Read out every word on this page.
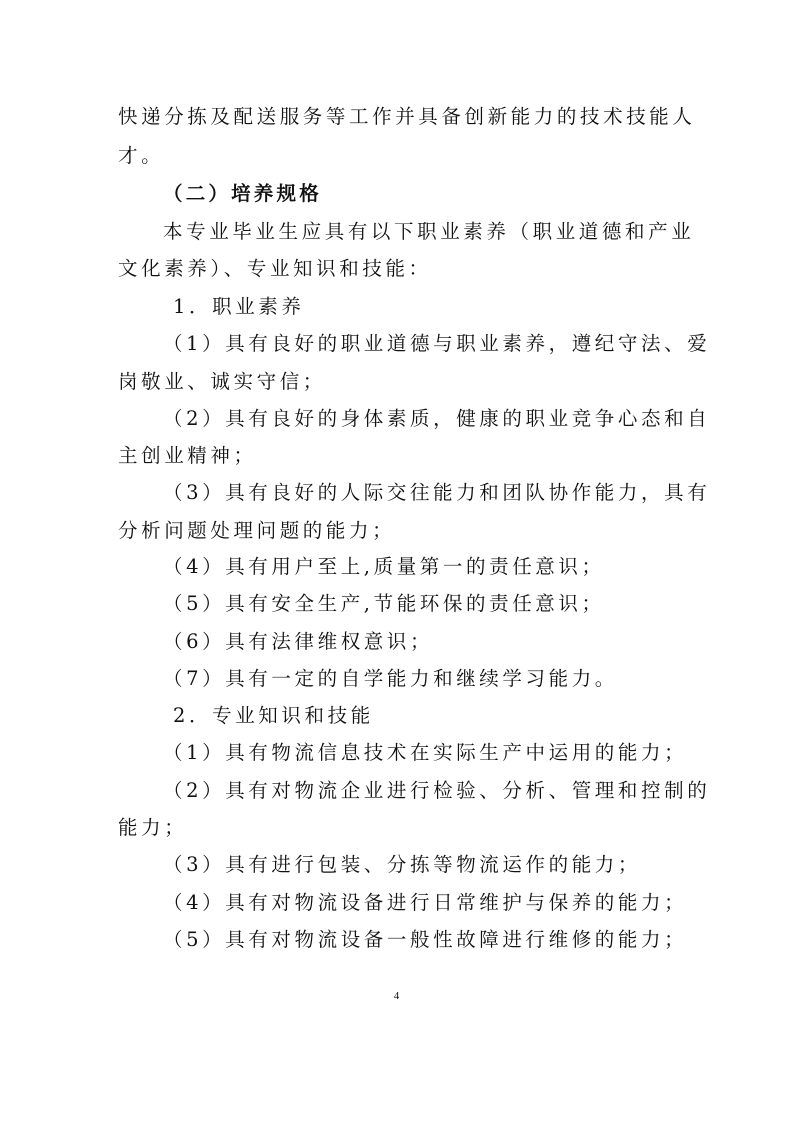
快递分拣及配送服务等工作并具备创新能力的技术技能人
才。
（二）培养规格
本专业毕业生应具有以下职业素养（职业道德和产业
文化素养）、专业知识和技能：
1．职业素养
（1）具有良好的职业道德与职业素养，遵纪守法、爱
岗敬业、诚实守信；
（2）具有良好的身体素质，健康的职业竞争心态和自
主创业精神；
（3）具有良好的人际交往能力和团队协作能力，具有
分析问题处理问题的能力；
（4）具有用户至上,质量第一的责任意识；
（5）具有安全生产,节能环保的责任意识；
（6）具有法律维权意识；
（7）具有一定的自学能力和继续学习能力。
2．专业知识和技能
（1）具有物流信息技术在实际生产中运用的能力；
（2）具有对物流企业进行检验、分析、管理和控制的
能力；
（3）具有进行包装、分拣等物流运作的能力；
（4）具有对物流设备进行日常维护与保养的能力；
（5）具有对物流设备一般性故障进行维修的能力；
4
